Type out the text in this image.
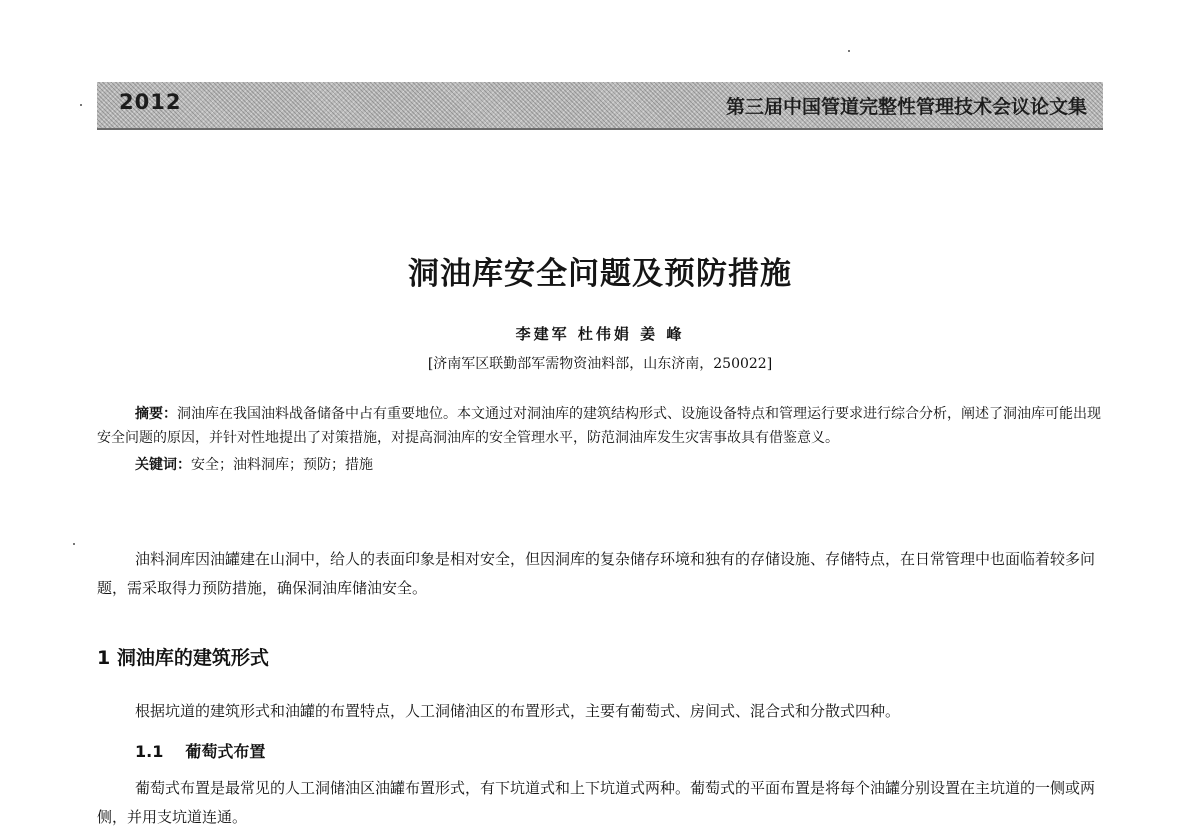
2012	第三届中国管道完整性管理技术会议论文集
洞油库安全问题及预防措施
李建军 杜伟娟 姜 峰
[济南军区联勤部军需物资油料部，山东济南，250022]

摘要：洞油库在我国油料战备储备中占有重要地位。本文通过对洞油库的建筑结构形式、设施设备特点和管理运行要求进行综合分析，阐述了洞油库可能出现安全问题的原因，并针对性地提出了对策措施，对提高洞油库的安全管理水平，防范洞油库发生灾害事故具有借鉴意义。

关键词：安全；油料洞库；预防；措施

油料洞库因油罐建在山洞中，给人的表面印象是相对安全，但因洞库的复杂储存环境和独有的存储设施、存储特点，在日常管理中也面临着较多问题，需采取得力预防措施，确保洞油库储油安全。

1 洞油库的建筑形式

根据坑道的建筑形式和油罐的布置特点，人工洞储油区的布置形式，主要有葡萄式、房间式、混合式和分散式四种。

1.1 葡萄式布置

葡萄式布置是最常见的人工洞储油区油罐布置形式，有下坑道式和上下坑道式两种。葡萄式的平面布置是将每个油罐分别设置在主坑道的一侧或两侧，并用支坑道连通。
